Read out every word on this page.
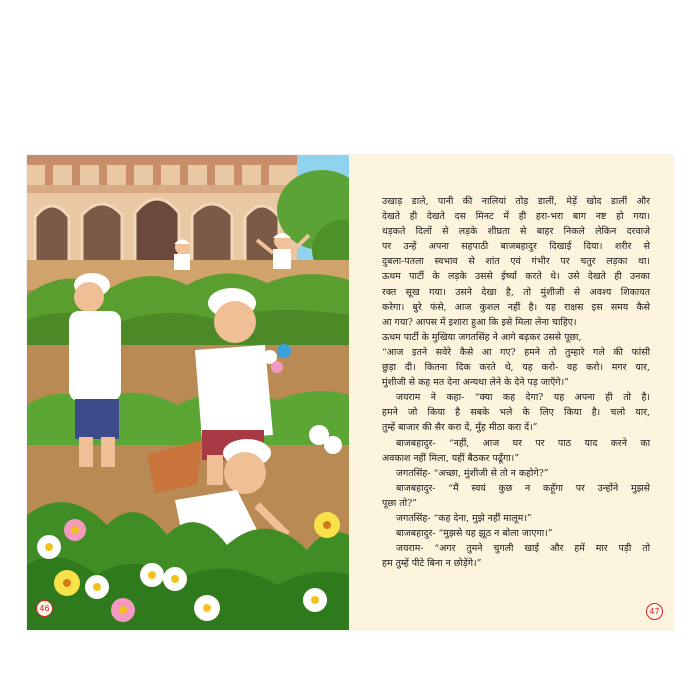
46
उखाड़ डाले, पानी की नालियां तोड़ डालीं, मेड़ें खोद डालीं और
देखते ही देखते दस मिनट में ही हरा-भरा बाग नष्ट हो गया।
धड़कते दिलों से लड़के शीघ्रता से बाहर निकले लेकिन दरवाजे
पर उन्हें अपना सहपाठी बाजबहादुर दिखाई दिया। शरीर से
दुबला-पतला स्वभाव से शांत एवं गंभीर पर चतुर लड़का था।
ऊधम पार्टी के लड़के उससे ईर्ष्या करते थे। उसे देखते ही उनका
रक्त सूख गया। उसने देखा है, तो मुंशीजी से अवश्य शिकायत
करेगा। बुरे फंसे, आज कुशल नहीं है। यह राक्षस इस समय कैसे
आ गया? आपस में इशारा हुआ कि इसे मिला लेना चाहिए।
ऊधम पार्टी के मुखिया जगतसिंह ने आगे बढ़कर उससे पूछा,
“आज इतने सवेरे कैसे आ गए? हमने तो तुम्हारे गले की फांसी
छुड़ा दी। कितना दिक करते थे, यह करो- वह करो। मगर यार,
मुंशीजी से कह मत देना अन्यथा लेने के देने पड़ जाएँगे।”
जयराम ने कहा- “क्या कह देगा? यह अपना ही तो है।
हमने जो किया है सबके भले के लिए किया है। चलो यार,
तुम्हें बाजार की सैर करा दें, मुँह मीठा करा दें।”
बाजबहादुर- “नहीं, आज घर पर पाठ याद करने का
अवकाश नहीं मिला, यहीं बैठकर पढूँगा।”
जगतसिंह- “अच्छा, मुंशीजी से तो न कहोगे?”
बाजबहादुर- “मैं स्वयं कुछ न कहूँगा पर उन्होंने मुझसे
पूछा तो?”
जगतसिंह- “कह देना, मुझे नहीं मालूम।”
बाजबहादुर- “मुझसे यह झूठ न बोला जाएगा।”
जयराम- “अगर तुमने चुगली खाई और हमें मार पड़ी तो
हम तुम्हें पीटे बिना न छोड़ेंगे।”
47
